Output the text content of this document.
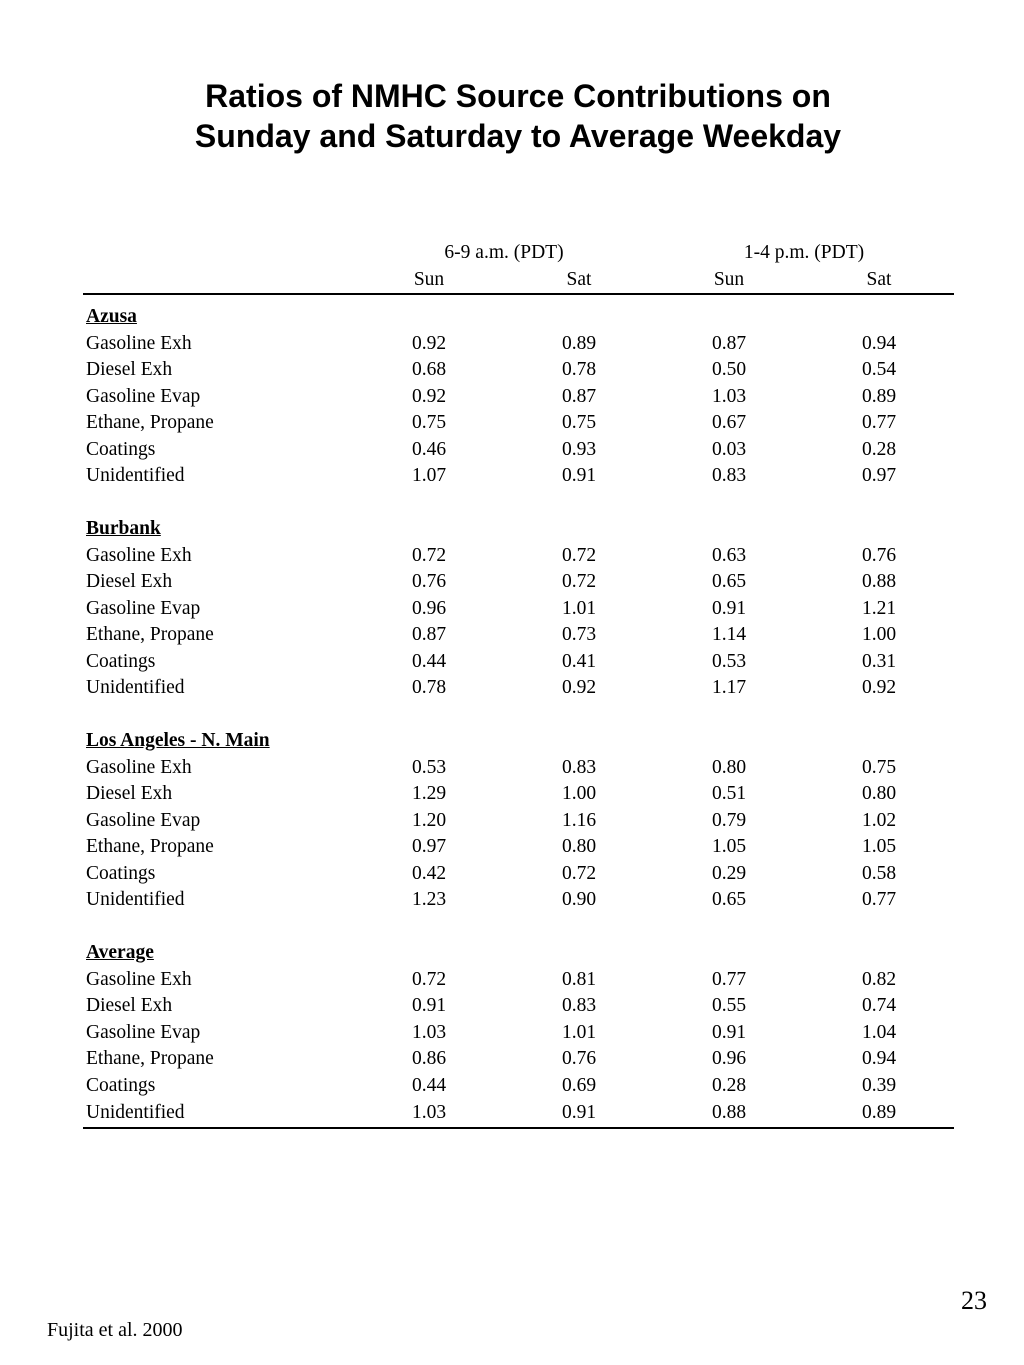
Ratios of NMHC Source Contributions on
Sunday and Saturday to Average Weekday
	6-9 a.m. (PDT)		1-4 p.m. (PDT)	
	Sun	Sat	Sun	Sat
Azusa				
Gasoline Exh	0.92	0.89	0.87	0.94
Diesel Exh	0.68	0.78	0.50	0.54
Gasoline Evap	0.92	0.87	1.03	0.89
Ethane, Propane	0.75	0.75	0.67	0.77
Coatings	0.46	0.93	0.03	0.28
Unidentified	1.07	0.91	0.83	0.97

Burbank				
Gasoline Exh	0.72	0.72	0.63	0.76
Diesel Exh	0.76	0.72	0.65	0.88
Gasoline Evap	0.96	1.01	0.91	1.21
Ethane, Propane	0.87	0.73	1.14	1.00
Coatings	0.44	0.41	0.53	0.31
Unidentified	0.78	0.92	1.17	0.92

Los Angeles - N. Main				
Gasoline Exh	0.53	0.83	0.80	0.75
Diesel Exh	1.29	1.00	0.51	0.80
Gasoline Evap	1.20	1.16	0.79	1.02
Ethane, Propane	0.97	0.80	1.05	1.05
Coatings	0.42	0.72	0.29	0.58
Unidentified	1.23	0.90	0.65	0.77

Average				
Gasoline Exh	0.72	0.81	0.77	0.82
Diesel Exh	0.91	0.83	0.55	0.74
Gasoline Evap	1.03	1.01	0.91	1.04
Ethane, Propane	0.86	0.76	0.96	0.94
Coatings	0.44	0.69	0.28	0.39
Unidentified	1.03	0.91	0.88	0.89
23
Fujita et al. 2000
